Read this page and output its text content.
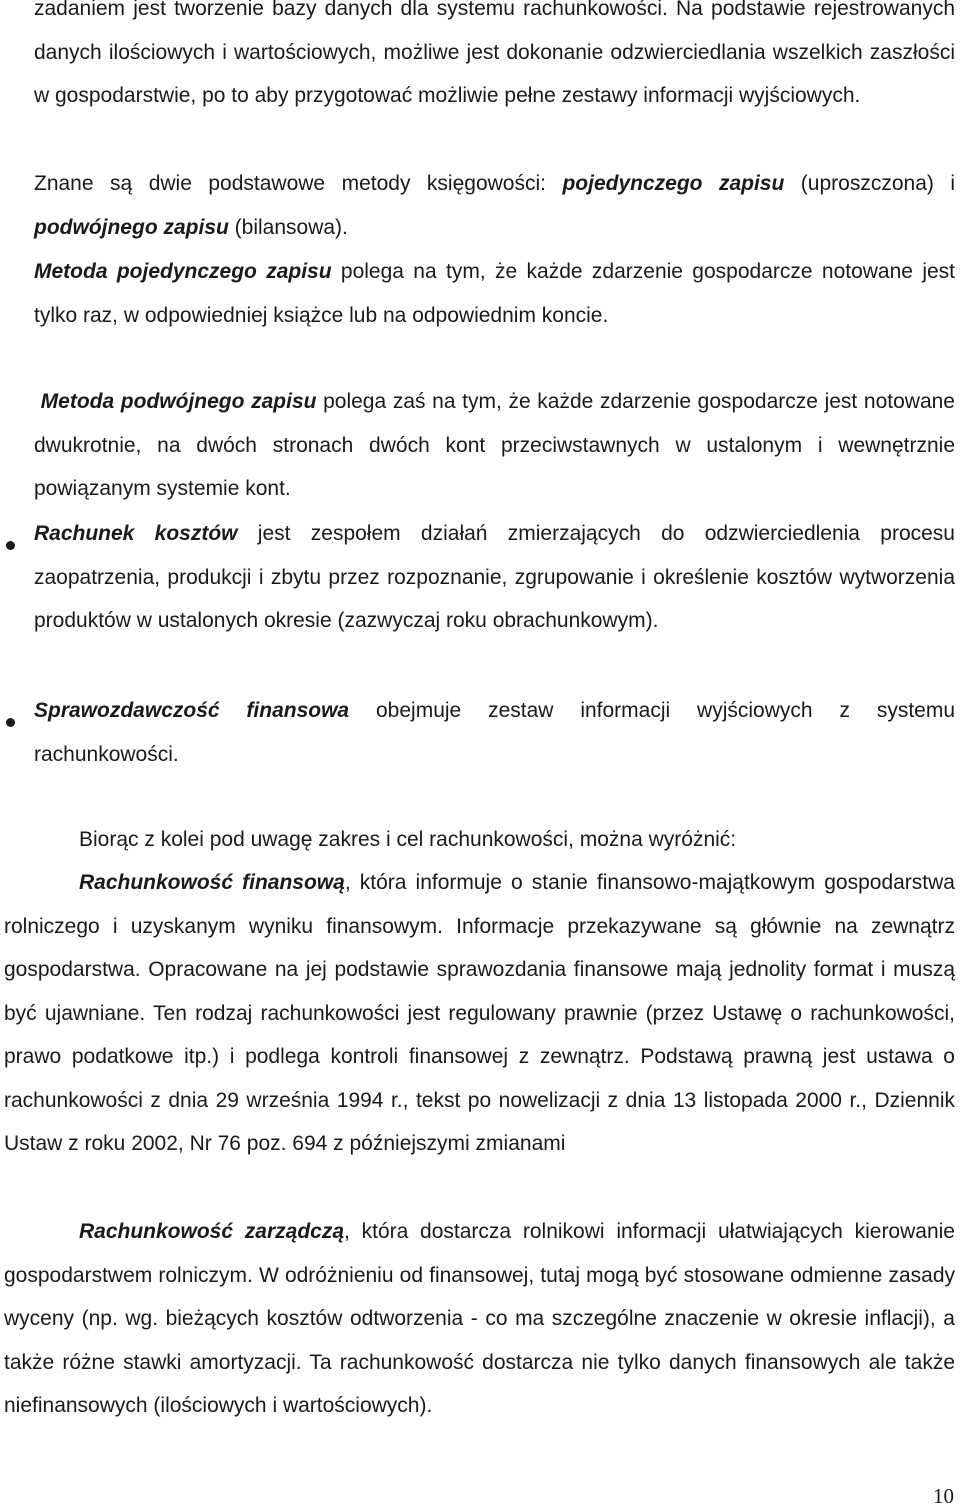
zadaniem jest tworzenie bazy danych dla systemu rachunkowości. Na podstawie rejestrowanych danych ilościowych i wartościowych, możliwe jest dokonanie odzwierciedlania wszelkich zaszłości w gospodarstwie, po to aby przygotować możliwie pełne zestawy informacji wyjściowych.

Znane są dwie podstawowe metody księgowości: pojedynczego zapisu (uproszczona) i podwójnego zapisu (bilansowa).

Metoda pojedynczego zapisu polega na tym, że każde zdarzenie gospodarcze notowane jest tylko raz, w odpowiedniej książce lub na odpowiednim koncie.

Metoda podwójnego zapisu polega zaś na tym, że każde zdarzenie gospodarcze jest notowane dwukrotnie, na dwóch stronach dwóch kont przeciwstawnych w ustalonym i wewnętrznie powiązanym systemie kont.

Rachunek kosztów jest zespołem działań zmierzających do odzwierciedlenia procesu zaopatrzenia, produkcji i zbytu przez rozpoznanie, zgrupowanie i określenie kosztów wytworzenia produktów w ustalonych okresie (zazwyczaj roku obrachunkowym).

Sprawozdawczość finansowa obejmuje zestaw informacji wyjściowych z systemu rachunkowości.

Biorąc z kolei pod uwagę zakres i cel rachunkowości, można wyróżnić:

Rachunkowość finansową, która informuje o stanie finansowo-majątkowym gospodarstwa rolniczego i uzyskanym wyniku finansowym. Informacje przekazywane są głównie na zewnątrz gospodarstwa. Opracowane na jej podstawie sprawozdania finansowe mają jednolity format i muszą być ujawniane. Ten rodzaj rachunkowości jest regulowany prawnie (przez Ustawę o rachunkowości, prawo podatkowe itp.) i podlega kontroli finansowej z zewnątrz. Podstawą prawną jest ustawa o rachunkowości z dnia 29 września 1994 r., tekst po nowelizacji z dnia 13 listopada 2000 r., Dziennik Ustaw z roku 2002, Nr 76 poz. 694 z późniejszymi zmianami

Rachunkowość zarządczą, która dostarcza rolnikowi informacji ułatwiających kierowanie gospodarstwem rolniczym. W odróżnieniu od finansowej, tutaj mogą być stosowane odmienne zasady wyceny (np. wg. bieżących kosztów odtworzenia - co ma szczególne znaczenie w okresie inflacji), a także różne stawki amortyzacji. Ta rachunkowość dostarcza nie tylko danych finansowych ale także niefinansowych (ilościowych i wartościowych).

10
